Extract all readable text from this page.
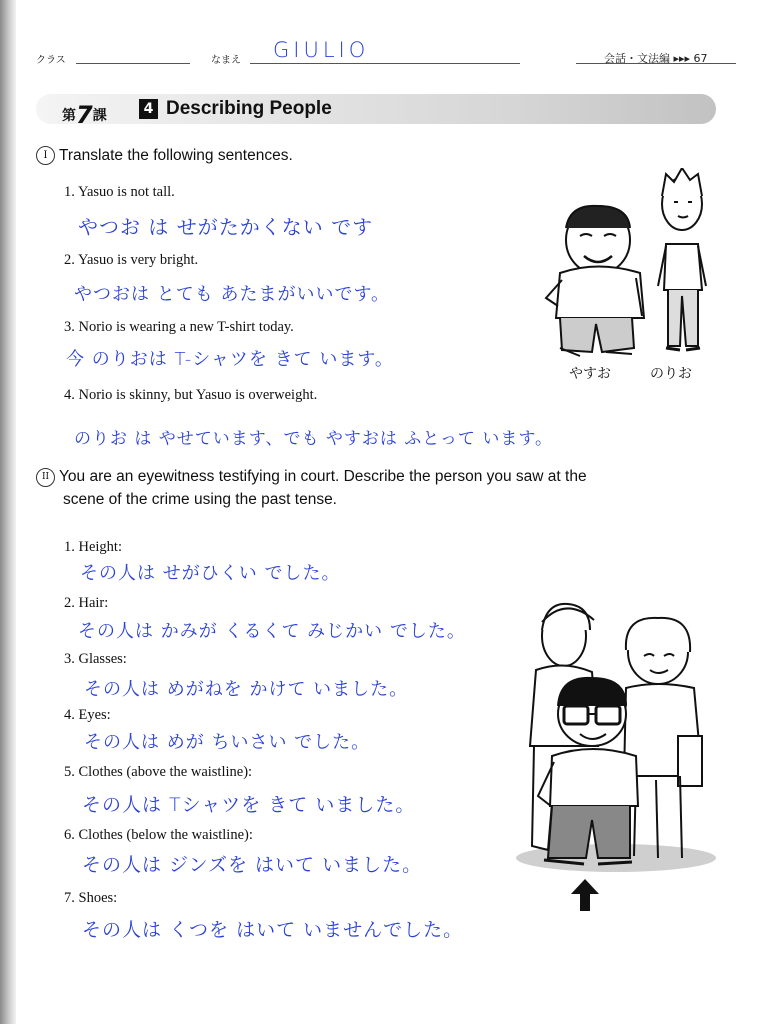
クラス	なまえ GIULIO	会話・文法編 ▸▸▸ 67
第7課	4 Describing People
I Translate the following sentences.
1. Yasuo is not tall.
やつお は せがたかくない です
2. Yasuo is very bright.
やつおは とても あたまがいいです。
3. Norio is wearing a new T-shirt today.
今 のりおは T-シャツを きて います。
4. Norio is skinny, but Yasuo is overweight.
のりお は やせています、でも やすおは ふとって います。
やすお	のりお
II You are an eyewitness testifying in court. Describe the person you saw at the
scene of the crime using the past tense.
1. Height:
その人は せがひくい でした。
2. Hair:
その人は かみが くるくて みじかい でした。
3. Glasses:
その人は めがねを かけて いました。
4. Eyes:
その人は めが ちいさい でした。
5. Clothes (above the waistline):
その人は Tシャツを きて いました。
6. Clothes (below the waistline):
その人は ジンズを はいて いました。
7. Shoes:
その人は くつを はいて いませんでした。
